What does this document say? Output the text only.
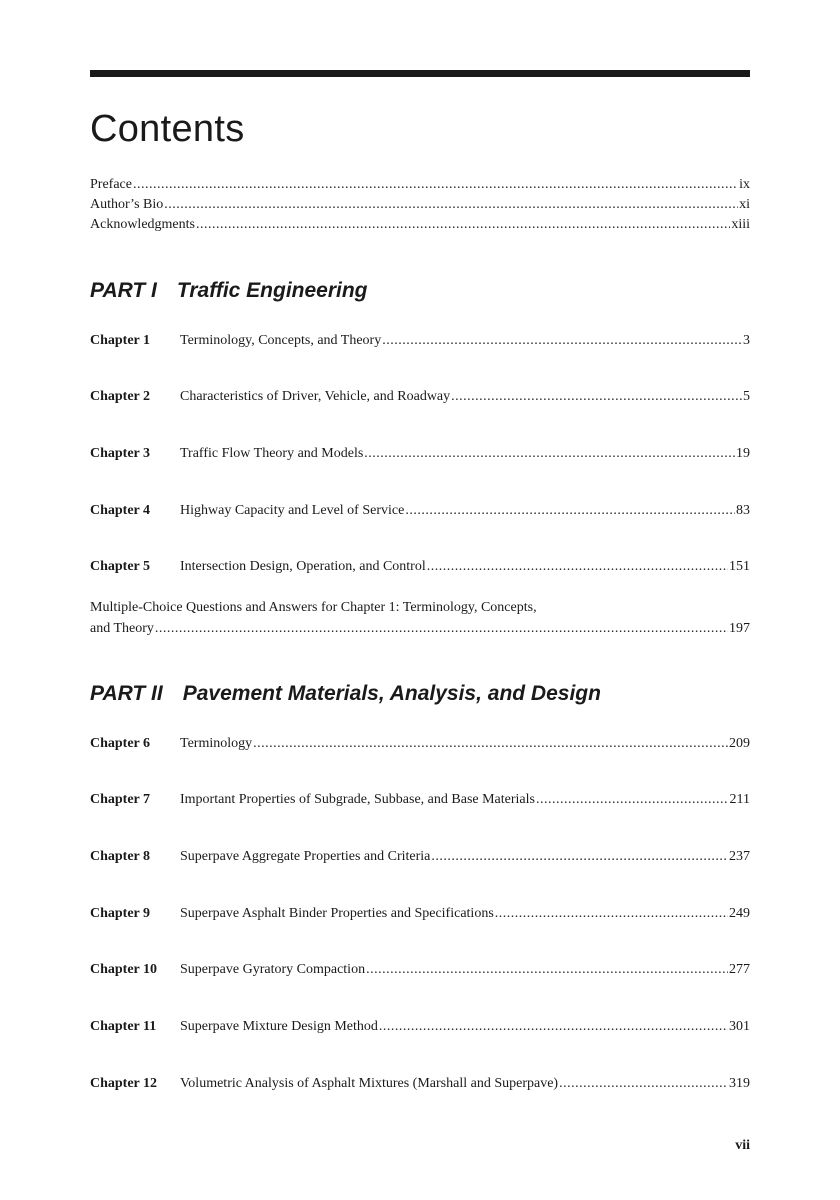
Contents
Preface .....	ix
Author’s Bio .....	xi
Acknowledgments .....	xiii
PART I Traffic Engineering
Chapter 1	Terminology, Concepts, and Theory .....	3
Chapter 2	Characteristics of Driver, Vehicle, and Roadway .....	5
Chapter 3	Traffic Flow Theory and Models .....	19
Chapter 4	Highway Capacity and Level of Service .....	83
Chapter 5	Intersection Design, Operation, and Control .....	151
Multiple-Choice Questions and Answers for Chapter 1: Terminology, Concepts,
and Theory .....	197
PART II Pavement Materials, Analysis, and Design
Chapter 6	Terminology .....	209
Chapter 7	Important Properties of Subgrade, Subbase, and Base Materials .....	211
Chapter 8	Superpave Aggregate Properties and Criteria .....	237
Chapter 9	Superpave Asphalt Binder Properties and Specifications .....	249
Chapter 10	Superpave Gyratory Compaction .....	277
Chapter 11	Superpave Mixture Design Method .....	301
Chapter 12	Volumetric Analysis of Asphalt Mixtures (Marshall and Superpave) .....	319
vii
